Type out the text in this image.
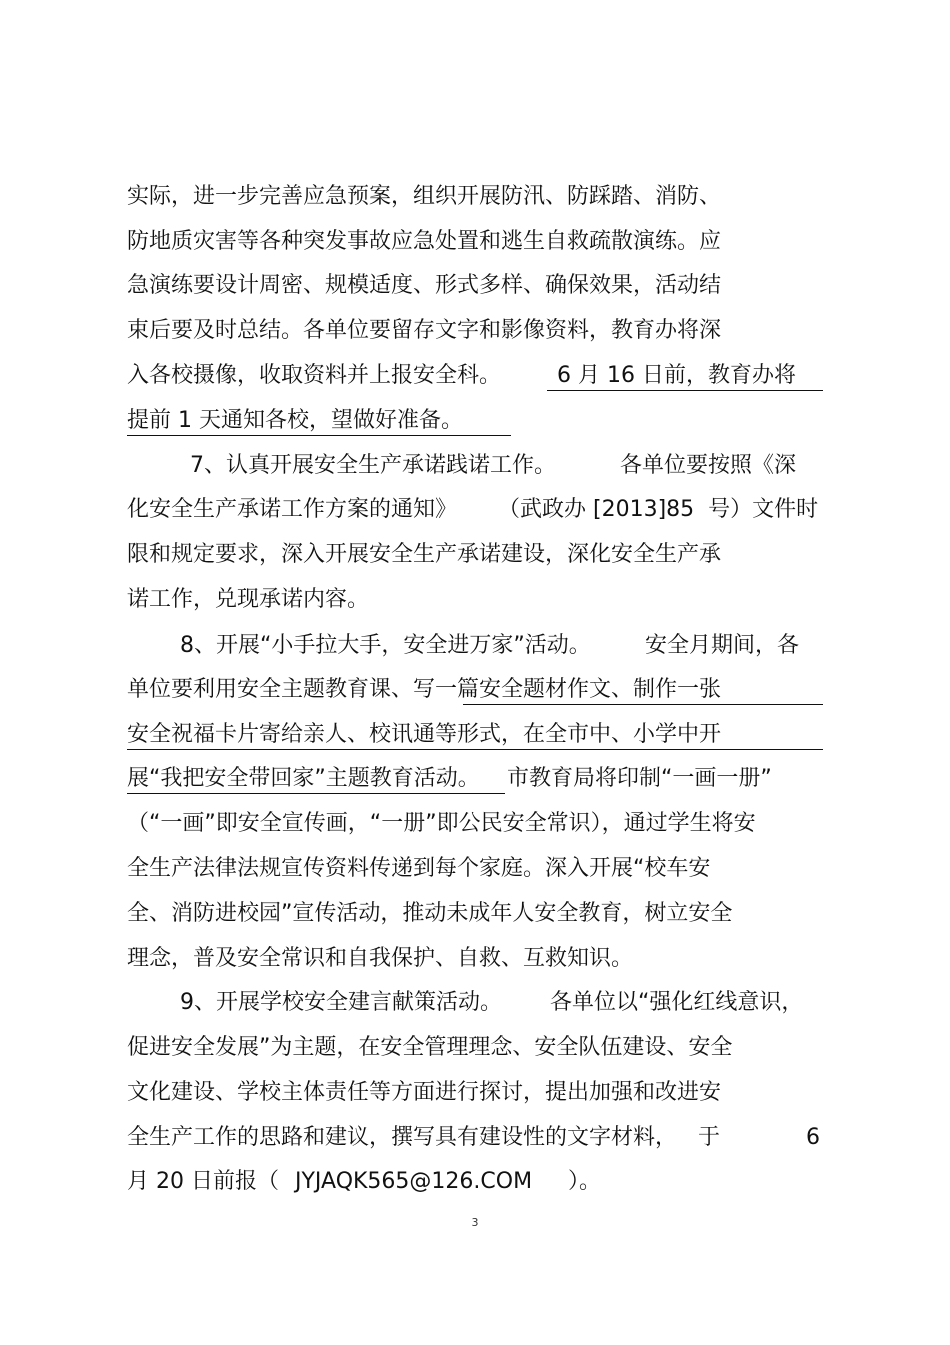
实际，进一步完善应急预案，组织开展防汛、防踩踏、消防、
防地质灾害等各种突发事故应急处置和逃生自救疏散演练。应
急演练要设计周密、规模适度、形式多样、确保效果，活动结
束后要及时总结。各单位要留存文字和影像资料，教育办将深
入各校摄像，收取资料并上报安全科。	6 月 16 日前，教育办将
提前 1 天通知各校，望做好准备。
7、认真开展安全生产承诺践诺工作。	各单位要按照《深
化安全生产承诺工作方案的通知》 （武政办 [2013]85  号）文件时
限和规定要求，深入开展安全生产承诺建设，深化安全生产承
诺工作，兑现承诺内容。
8、开展“小手拉大手，安全进万家”活动。 安全月期间，各
单位要利用安全主题教育课、写一篇安全题材作文、制作一张
安全祝福卡片寄给亲人、校讯通等形式，在全市中、小学中开
展“我把安全带回家”主题教育活动。 市教育局将印制“一画一册”
（“一画”即安全宣传画，“一册”即公民安全常识），通过学生将安
全生产法律法规宣传资料传递到每个家庭。深入开展“校车安
全、消防进校园”宣传活动，推动未成年人安全教育，树立安全
理念，普及安全常识和自我保护、自救、互救知识。
9、开展学校安全建言献策活动。 各单位以“强化红线意识，
促进安全发展”为主题，在安全管理理念、安全队伍建设、安全
文化建设、学校主体责任等方面进行探讨，提出加强和改进安
全生产工作的思路和建议，撰写具有建设性的文字材料， 于	6
月 20 日前报（ JYJAQK565@126.COM ）。
3
